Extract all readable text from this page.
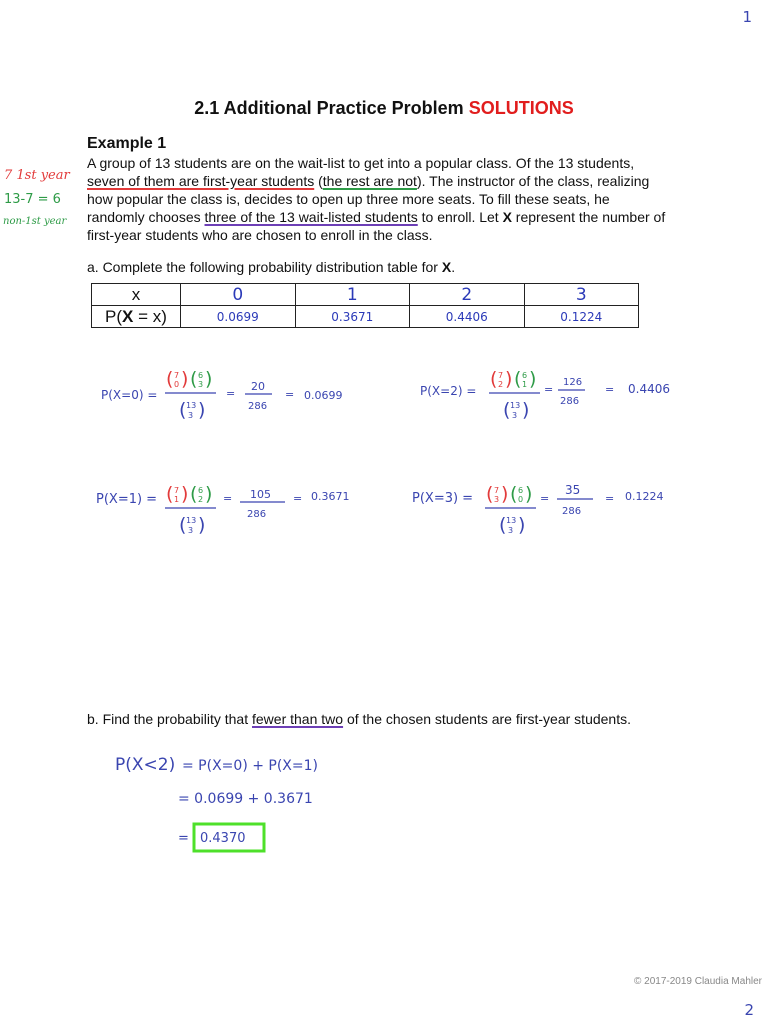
1
2.1 Additional Practice Problem SOLUTIONS
Example 1
A group of 13 students are on the wait-list to get into a popular class. Of the 13 students, seven of them are first-year students (the rest are not). The instructor of the class, realizing how popular the class is, decides to open up three more seats. To fill these seats, he randomly chooses three of the 13 wait-listed students to enroll. Let X represent the number of first-year students who are chosen to enroll in the class.
7 1st year
13-7 = 6
non-1st year
a. Complete the following probability distribution table for X.
x	0	1	2	3
P(X = x)	0.0699	0.3671	0.4406	0.1224
P(X=0) =
( 7
0 ) ( 6
3 )
( 13
3 )
=
20
286
= 0.0699	P(X=2) =
( 7
2 ) ( 6
1 )
( 13
3 )
=
126
286
= 0.4406
P(X=1) = ( 7
1 ) ( 6
2 )
( 13
3 )
= 105
286
= 0.3671	P(X=3) = ( 7
3 ) ( 6
0 )
( 13
3 )
=
35
286
= 0.1224
P(X<2) = P(X=0) + P(X=1)
= 0.0699 + 0.3671
= 0.4370
b. Find the probability that fewer than two of the chosen students are first-year students.
© 2017-2019 Claudia Mahler
2
